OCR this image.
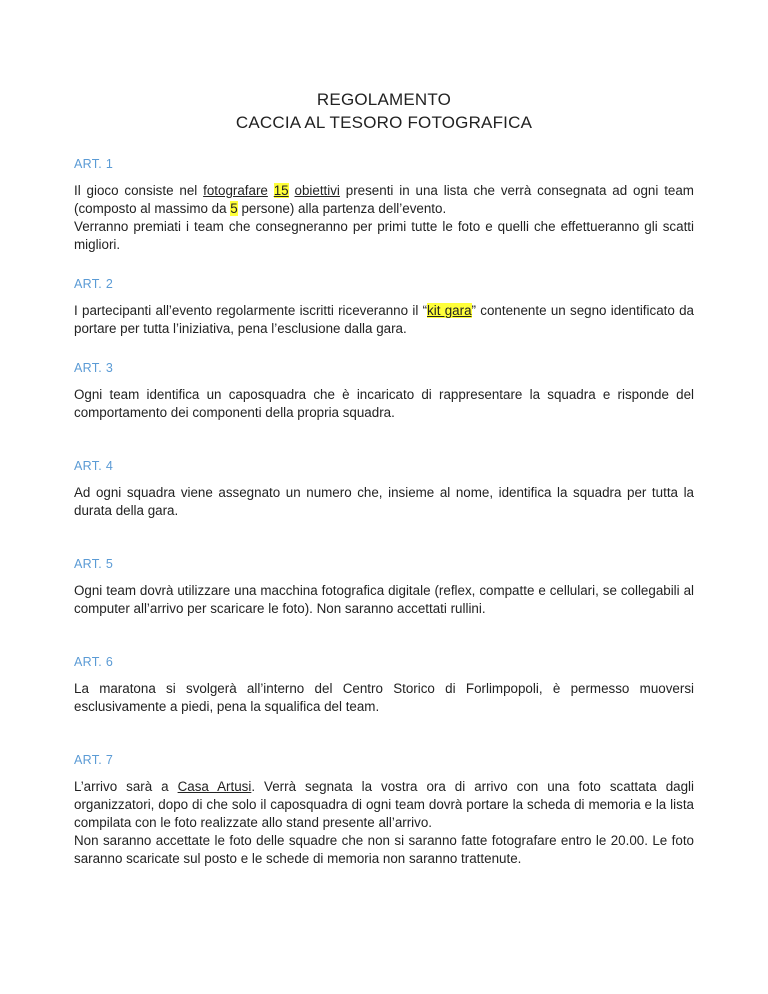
REGOLAMENTO
CACCIA AL TESORO FOTOGRAFICA
ART. 1

Il gioco consiste nel fotografare 15 obiettivi presenti in una lista che verrà consegnata ad ogni team (composto al massimo da 5 persone) alla partenza dell’evento.

Verranno premiati i team che consegneranno per primi tutte le foto e quelli che effettueranno gli scatti migliori.

ART. 2

I partecipanti all’evento regolarmente iscritti riceveranno il “kit gara” contenente un segno identificato da portare per tutta l’iniziativa, pena l’esclusione dalla gara.

ART. 3

Ogni team identifica un caposquadra che è incaricato di rappresentare la squadra e risponde del comportamento dei componenti della propria squadra.

ART. 4

Ad ogni squadra viene assegnato un numero che, insieme al nome, identifica la squadra per tutta la durata della gara.

ART. 5

Ogni team dovrà utilizzare una macchina fotografica digitale (reflex, compatte e cellulari, se collegabili al computer all’arrivo per scaricare le foto). Non saranno accettati rullini.

ART. 6

La maratona si svolgerà all’interno del Centro Storico di Forlimpopoli, è permesso muoversi esclusivamente a piedi, pena la squalifica del team.

ART. 7

L’arrivo sarà a Casa Artusi. Verrà segnata la vostra ora di arrivo con una foto scattata dagli organizzatori, dopo di che solo il caposquadra di ogni team dovrà portare la scheda di memoria e la lista compilata con le foto realizzate allo stand presente all’arrivo.

Non saranno accettate le foto delle squadre che non si saranno fatte fotografare entro le 20.00. Le foto saranno scaricate sul posto e le schede di memoria non saranno trattenute.
